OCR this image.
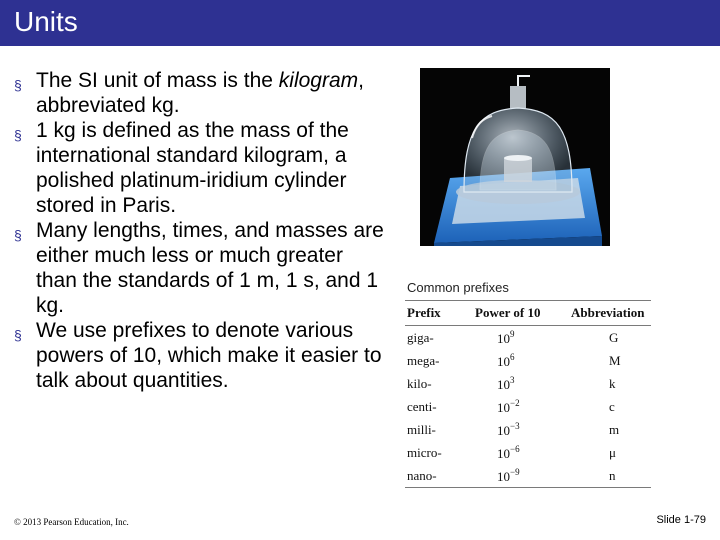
Units
§ The SI unit of mass is the kilogram, abbreviated kg.
§ 1 kg is defined as the mass of the international standard kilogram, a polished platinum-iridium cylinder stored in Paris.
§ Many lengths, times, and masses are either much less or much greater than the standards of 1 m, 1 s, and 1 kg.
§ We use prefixes to denote various powers of 10, which make it easier to talk about quantities.
Common prefixes
Prefix	Power of 10	Abbreviation
giga-	$10^9$	G
mega-	$10^6$	M
kilo-	$10^3$	k
centi-	$10^{-2}$	c
milli-	$10^{-3}$	m
micro-	$10^{-6}$	μ
nano-	$10^{-9}$	n
© 2013 Pearson Education, Inc.	Slide 1-79
